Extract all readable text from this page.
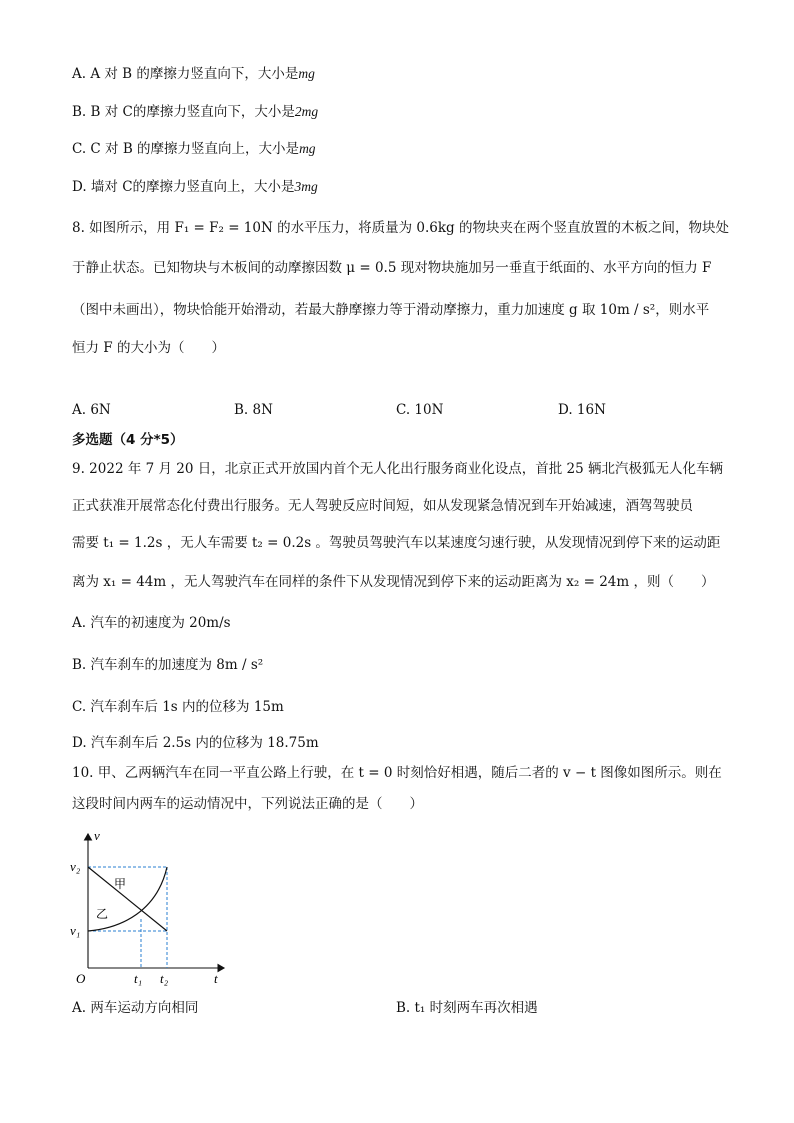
A. A 对 B 的摩擦力竖直向下，大小是mg
B. B 对 C的摩擦力竖直向下，大小是2mg
C. C 对 B 的摩擦力竖直向上，大小是mg
D. 墙对 C的摩擦力竖直向上，大小是3mg
8. 如图所示，用 F₁ = F₂ = 10N 的水平压力，将质量为 0.6kg 的物块夹在两个竖直放置的木板之间，物块处
于静止状态。已知物块与木板间的动摩擦因数 μ = 0.5 现对物块施加另一垂直于纸面的、水平方向的恒力 F
（图中未画出），物块恰能开始滑动，若最大静摩擦力等于滑动摩擦力，重力加速度 g 取 10m / s²，则水平
恒力 F 的大小为（　　）
A. 6N	B. 8N	C. 10N	D. 16N
多选题（4 分*5）
9. 2022 年 7 月 20 日，北京正式开放国内首个无人化出行服务商业化设点，首批 25 辆北汽极狐无人化车辆
正式获准开展常态化付费出行服务。无人驾驶反应时间短，如从发现紧急情况到车开始减速，酒驾驾驶员
需要 t₁ = 1.2s ，无人车需要 t₂ = 0.2s 。驾驶员驾驶汽车以某速度匀速行驶，从发现情况到停下来的运动距
离为 x₁ = 44m ，无人驾驶汽车在同样的条件下从发现情况到停下来的运动距离为 x₂ = 24m ，则（　　）
A. 汽车的初速度为 20m/s
B. 汽车刹车的加速度为 8m / s²
C. 汽车刹车后 1s 内的位移为 15m
D. 汽车刹车后 2.5s 内的位移为 18.75m
10. 甲、乙两辆汽车在同一平直公路上行驶，在 t = 0 时刻恰好相遇，随后二者的 v − t 图像如图所示。则在
这段时间内两车的运动情况中，下列说法正确的是（　　）
v
t
O
v₂
v₁
t₁ t₂
甲
乙
A. 两车运动方向相同	B. t₁ 时刻两车再次相遇
